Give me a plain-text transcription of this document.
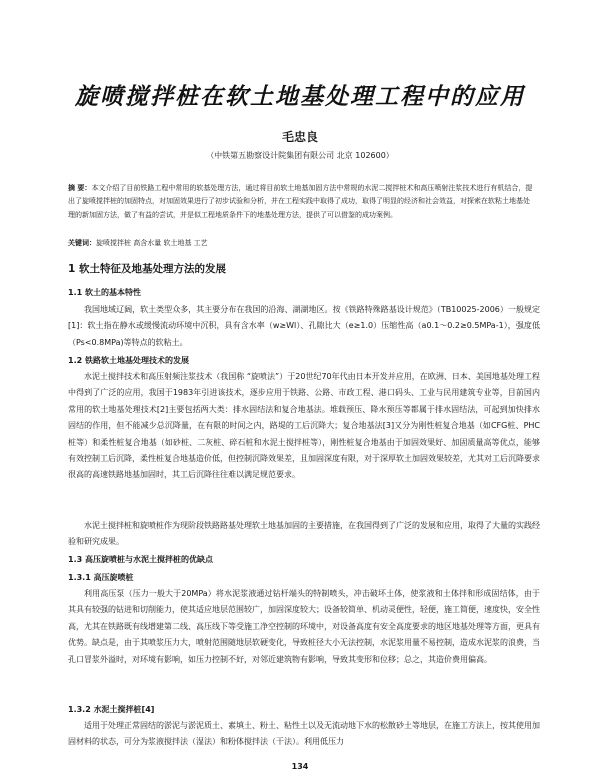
旋喷搅拌桩在软土地基处理工程中的应用
毛忠良
（中铁第五勘察设计院集团有限公司 北京 102600）

摘 要：本文介绍了目前铁路工程中常用的软基处理方法，通过将目前软土地基加固方法中常规的水泥二搅拌桩术和高压喷射注浆技术进行有机结合，提出了旋喷搅拌桩的加固特点，对加固效果进行了初步试验和分析，并在工程实践中取得了成功，取得了明显的经济和社会效益，对探索在软粘土地基处理的新加固方法，做了有益的尝试，并是似工程地质条件下的地基处理方法，提供了可以借鉴的成功案例。

关键词：旋喷搅拌桩 高含水量 软土地基 工艺

1 软土特征及地基处理方法的发展
1.1 软土的基本特性

我国地域辽阔，软土类型众多，其主要分布在我国的沿海、湖湖地区。按《铁路特殊路基设计规范》（TB10025-2006）一般规定[1]：软土指在静水或缓慢流动环境中沉积，具有含水率（w≥Wl）、孔隙比大（e≥1.0）压缩性高（a0.1～0.2≥0.5MPa-1），强度低（Ps<0.8MPa)等特点的软粘土。

1.2 铁路软土地基处理技术的发展

水泥土搅拌技术和高压射频注浆技术（我国称 “旋喷法”）于20世纪70年代由日本开发并应用，在欧洲、日本、美国地基处理工程中得到了广泛的应用，我国于1983年引进该技术，逐步应用于铁路、公路、市政工程、港口码头、工业与民用建筑专业等，目前国内常用的软土地基处理技术[2]主要包括两大类：排水固结法和复合地基法。堆载预压、降水预压等都属于排水固结法，可起到加快排水固结的作用，但不能减少总沉降量，在有限的时间之内，路堤的工后沉降大；复合地基法[3]又分为刚性桩复合地基（如CFG桩、PHC桩等）和柔性桩复合地基（如砂桩、二灰桩、碎石桩和水泥土搅拌桩等），刚性桩复合地基由于加固效果好、加固质量高等优点，能够有效控制工后沉降，柔性桩复合地基造价低，但控制沉降效果差，且加固深度有限，对于深厚软土加固效果较差，尤其对工后沉降要求很高的高速铁路地基加固时，其工后沉降往往难以满足规范要求。

水泥土搅拌桩和旋喷桩作为现阶段铁路路基处理软土地基加固的主要措施，在我国得到了广泛的发展和应用，取得了大量的实践经验和研究成果。

1.3 高压旋喷桩与水泥土搅拌桩的优缺点
1.3.1 高压旋喷桩

利用高压泵（压力一般大于20MPa）将水泥浆液通过钻杆端头的特制喷头，冲击破坏土体，使浆液和土体拌和形成固结体，由于其具有较强的钻进和切削能力，使其适应地层范围较广，加固深度较大；设备较简单、机动灵便性，轻便，施工简便，速度快，安全性高，尤其在铁路既有线增建第二线、高压线下等受施工净空控制的环境中，对设备高度有安全高度要求的地区地基处理等方面，更具有优势。缺点是，由于其喷浆压力大，喷射范围随地层软硬变化，导致桩径大小无法控制，水泥浆用量不易控制，造成水泥浆的浪费，当孔口冒浆外溢时，对环境有影响，如压力控制不好，对邻近建筑物有影响，导致其变形和位移；总之，其造价费用偏高。

1.3.2 水泥土搅拌桩[4]

适用于处理正常固结的淤泥与淤泥质土、素填土、粉土、粘性土以及无流动地下水的松散砂土等地层，在施工方法上，按其使用加固材料的状态，可分为浆液搅拌法（湿法）和粉体搅拌法（干法）。利用低压力

134
